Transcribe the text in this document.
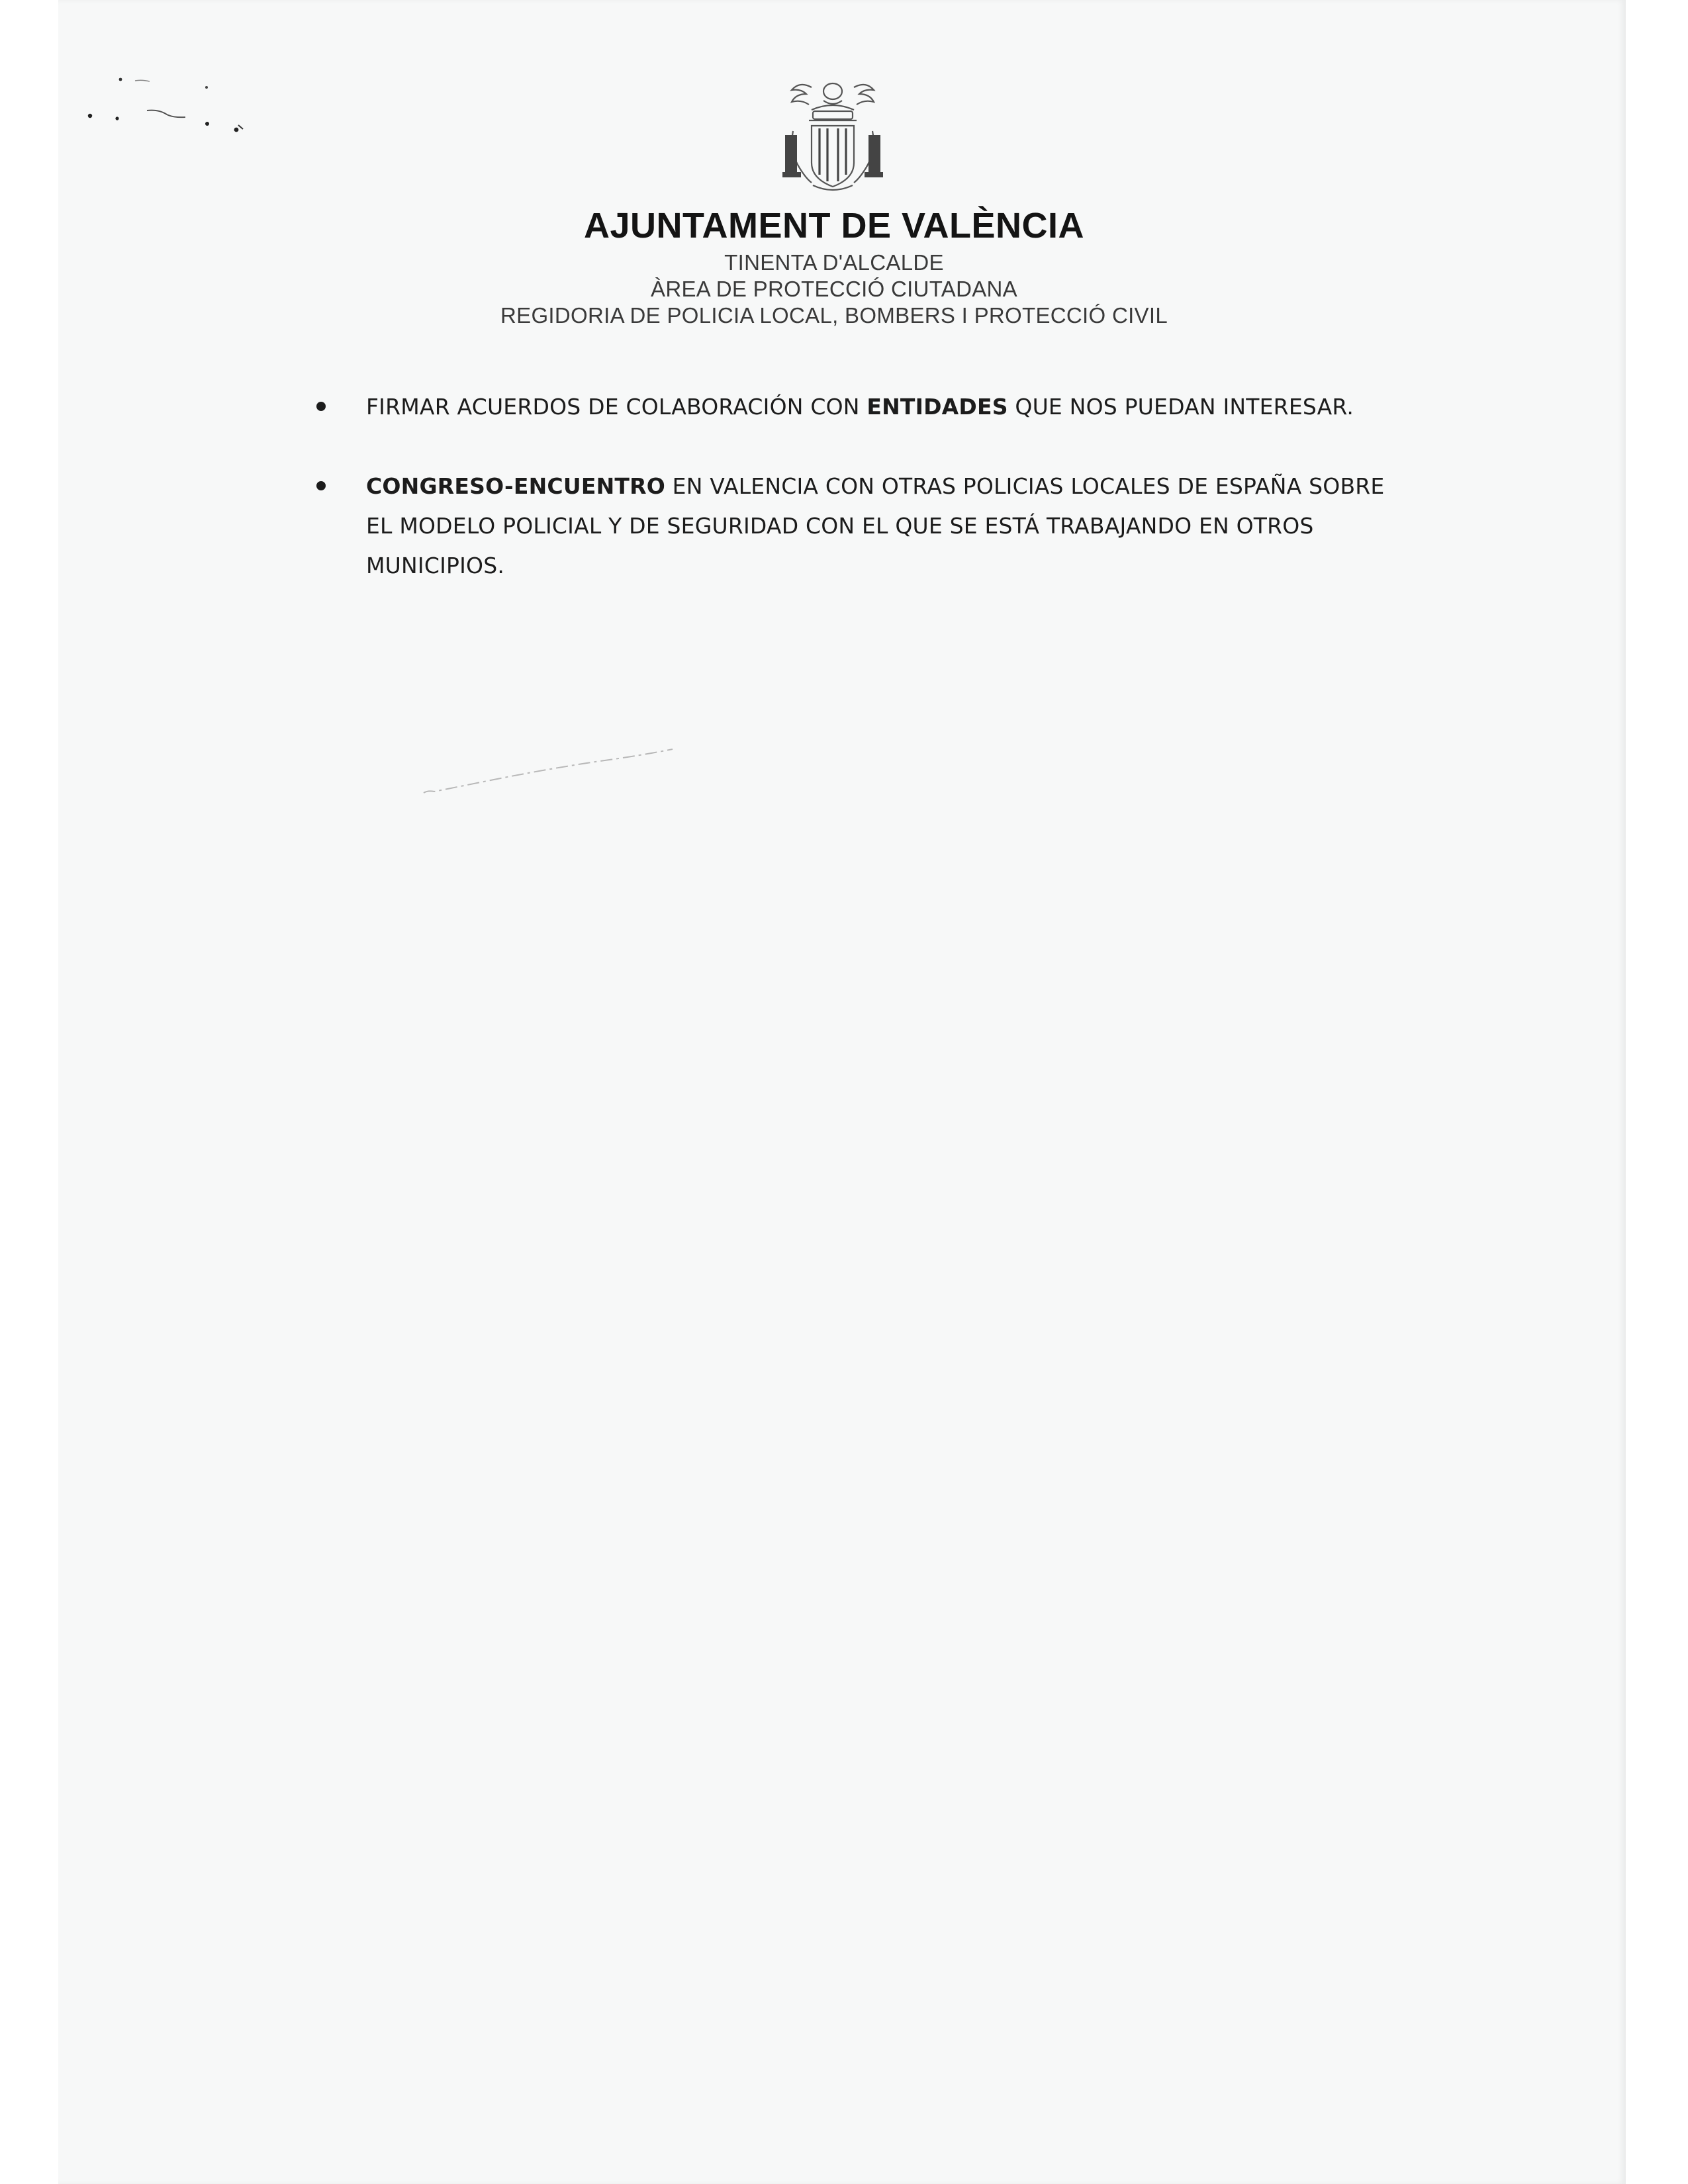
AJUNTAMENT DE VALÈNCIA
TINENTA D'ALCALDE
ÀREA DE PROTECCIÓ CIUTADANA
REGIDORIA DE POLICIA LOCAL, BOMBERS I PROTECCIÓ CIVIL
FIRMAR ACUERDOS DE COLABORACIÓN CON ENTIDADES QUE NOS PUEDAN INTERESAR.
CONGRESO-ENCUENTRO EN VALENCIA CON OTRAS POLICIAS LOCALES DE ESPAÑA SOBRE EL MODELO POLICIAL Y DE SEGURIDAD CON EL QUE SE ESTÁ TRABAJANDO EN OTROS MUNICIPIOS.
